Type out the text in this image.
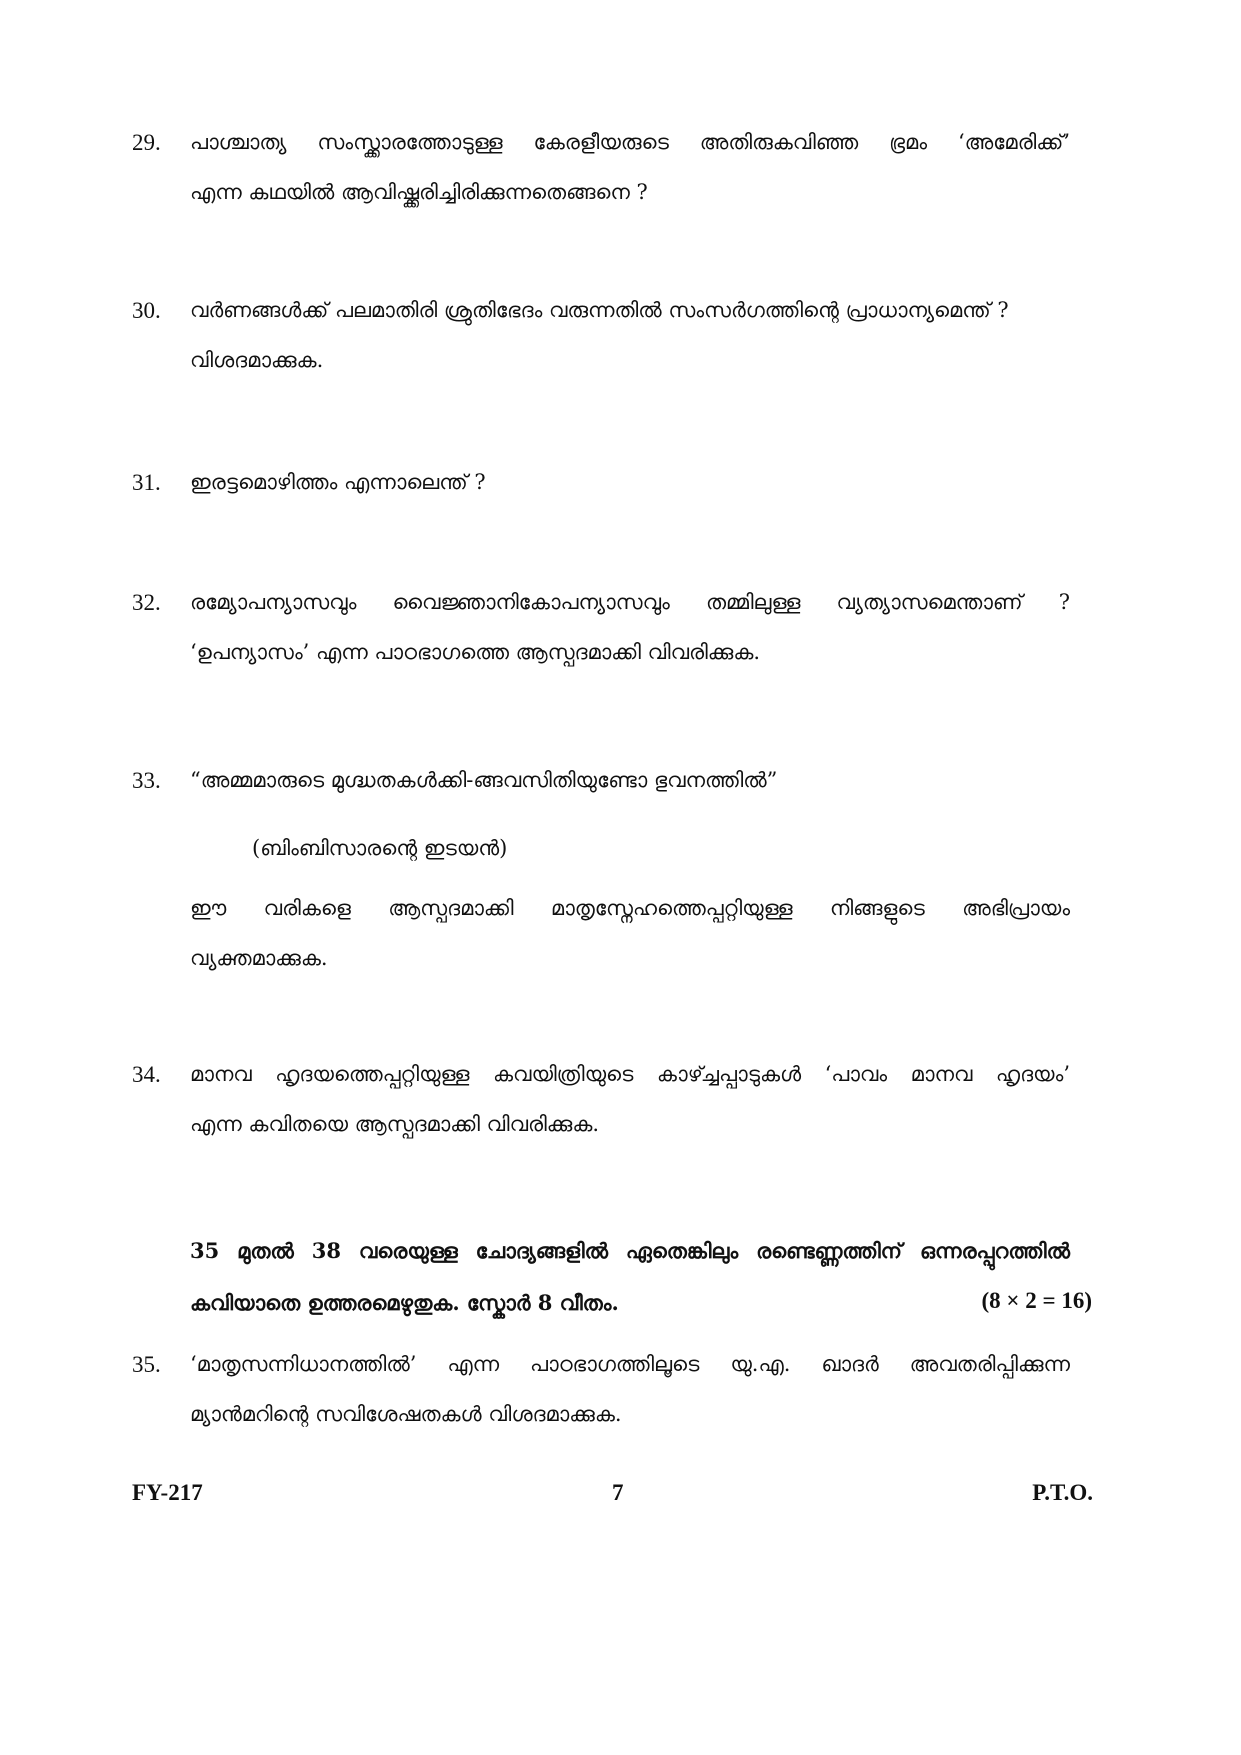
29. പാശ്ചാത്യ സംസ്ക്കാരത്തോടുള്ള കേരളീയരുടെ അതിരുകവിഞ്ഞ ഭ്രമം ‘അമേരിക്ക്’
എന്ന കഥയിൽ ആവിഷ്ക്കരിച്ചിരിക്കുന്നതെങ്ങനെ ?
30. വർണങ്ങൾക്ക് പലമാതിരി ശ്രുതിഭേദം വരുന്നതിൽ സംസർഗത്തിന്റെ പ്രാധാന്യമെന്ത് ?
വിശദമാക്കുക.
31. ഇരട്ടമൊഴിത്തം എന്നാലെന്ത് ?
32. രമ്യോപന്യാസവും വൈജ്ഞാനികോപന്യാസവും തമ്മിലുള്ള വ്യത്യാസമെന്താണ് ?
‘ഉപന്യാസം’ എന്ന പാഠഭാഗത്തെ ആസ്പദമാക്കി വിവരിക്കുക.
33. “അമ്മമാരുടെ മുഗ്ദ്ധതകൾക്കി-ങ്ങവസിതിയുണ്ടോ ഭുവനത്തിൽ”
(ബിംബിസാരന്റെ ഇടയൻ)
ഈ വരികളെ ആസ്പദമാക്കി മാതൃസ്നേഹത്തെപ്പറ്റിയുള്ള നിങ്ങളുടെ അഭിപ്രായം
വ്യക്തമാക്കുക.
34. മാനവ ഹൃദയത്തെപ്പറ്റിയുള്ള കവയിത്രിയുടെ കാഴ്ച്ചപ്പാടുകൾ ‘പാവം മാനവ ഹൃദയം’
എന്ന കവിതയെ ആസ്പദമാക്കി വിവരിക്കുക.
35 മുതൽ 38 വരെയുള്ള ചോദ്യങ്ങളിൽ ഏതെങ്കിലും രണ്ടെണ്ണത്തിന് ഒന്നരപ്പുറത്തിൽ
കവിയാതെ ഉത്തരമെഴുതുക. സ്കോർ 8 വീതം.	(8 × 2 = 16)
35. ‘മാതൃസന്നിധാനത്തിൽ’ എന്ന പാഠഭാഗത്തിലൂടെ യു.എ. ഖാദർ അവതരിപ്പിക്കുന്ന
മ്യാൻമറിന്റെ സവിശേഷതകൾ വിശദമാക്കുക.
FY-217	7	P.T.O.
